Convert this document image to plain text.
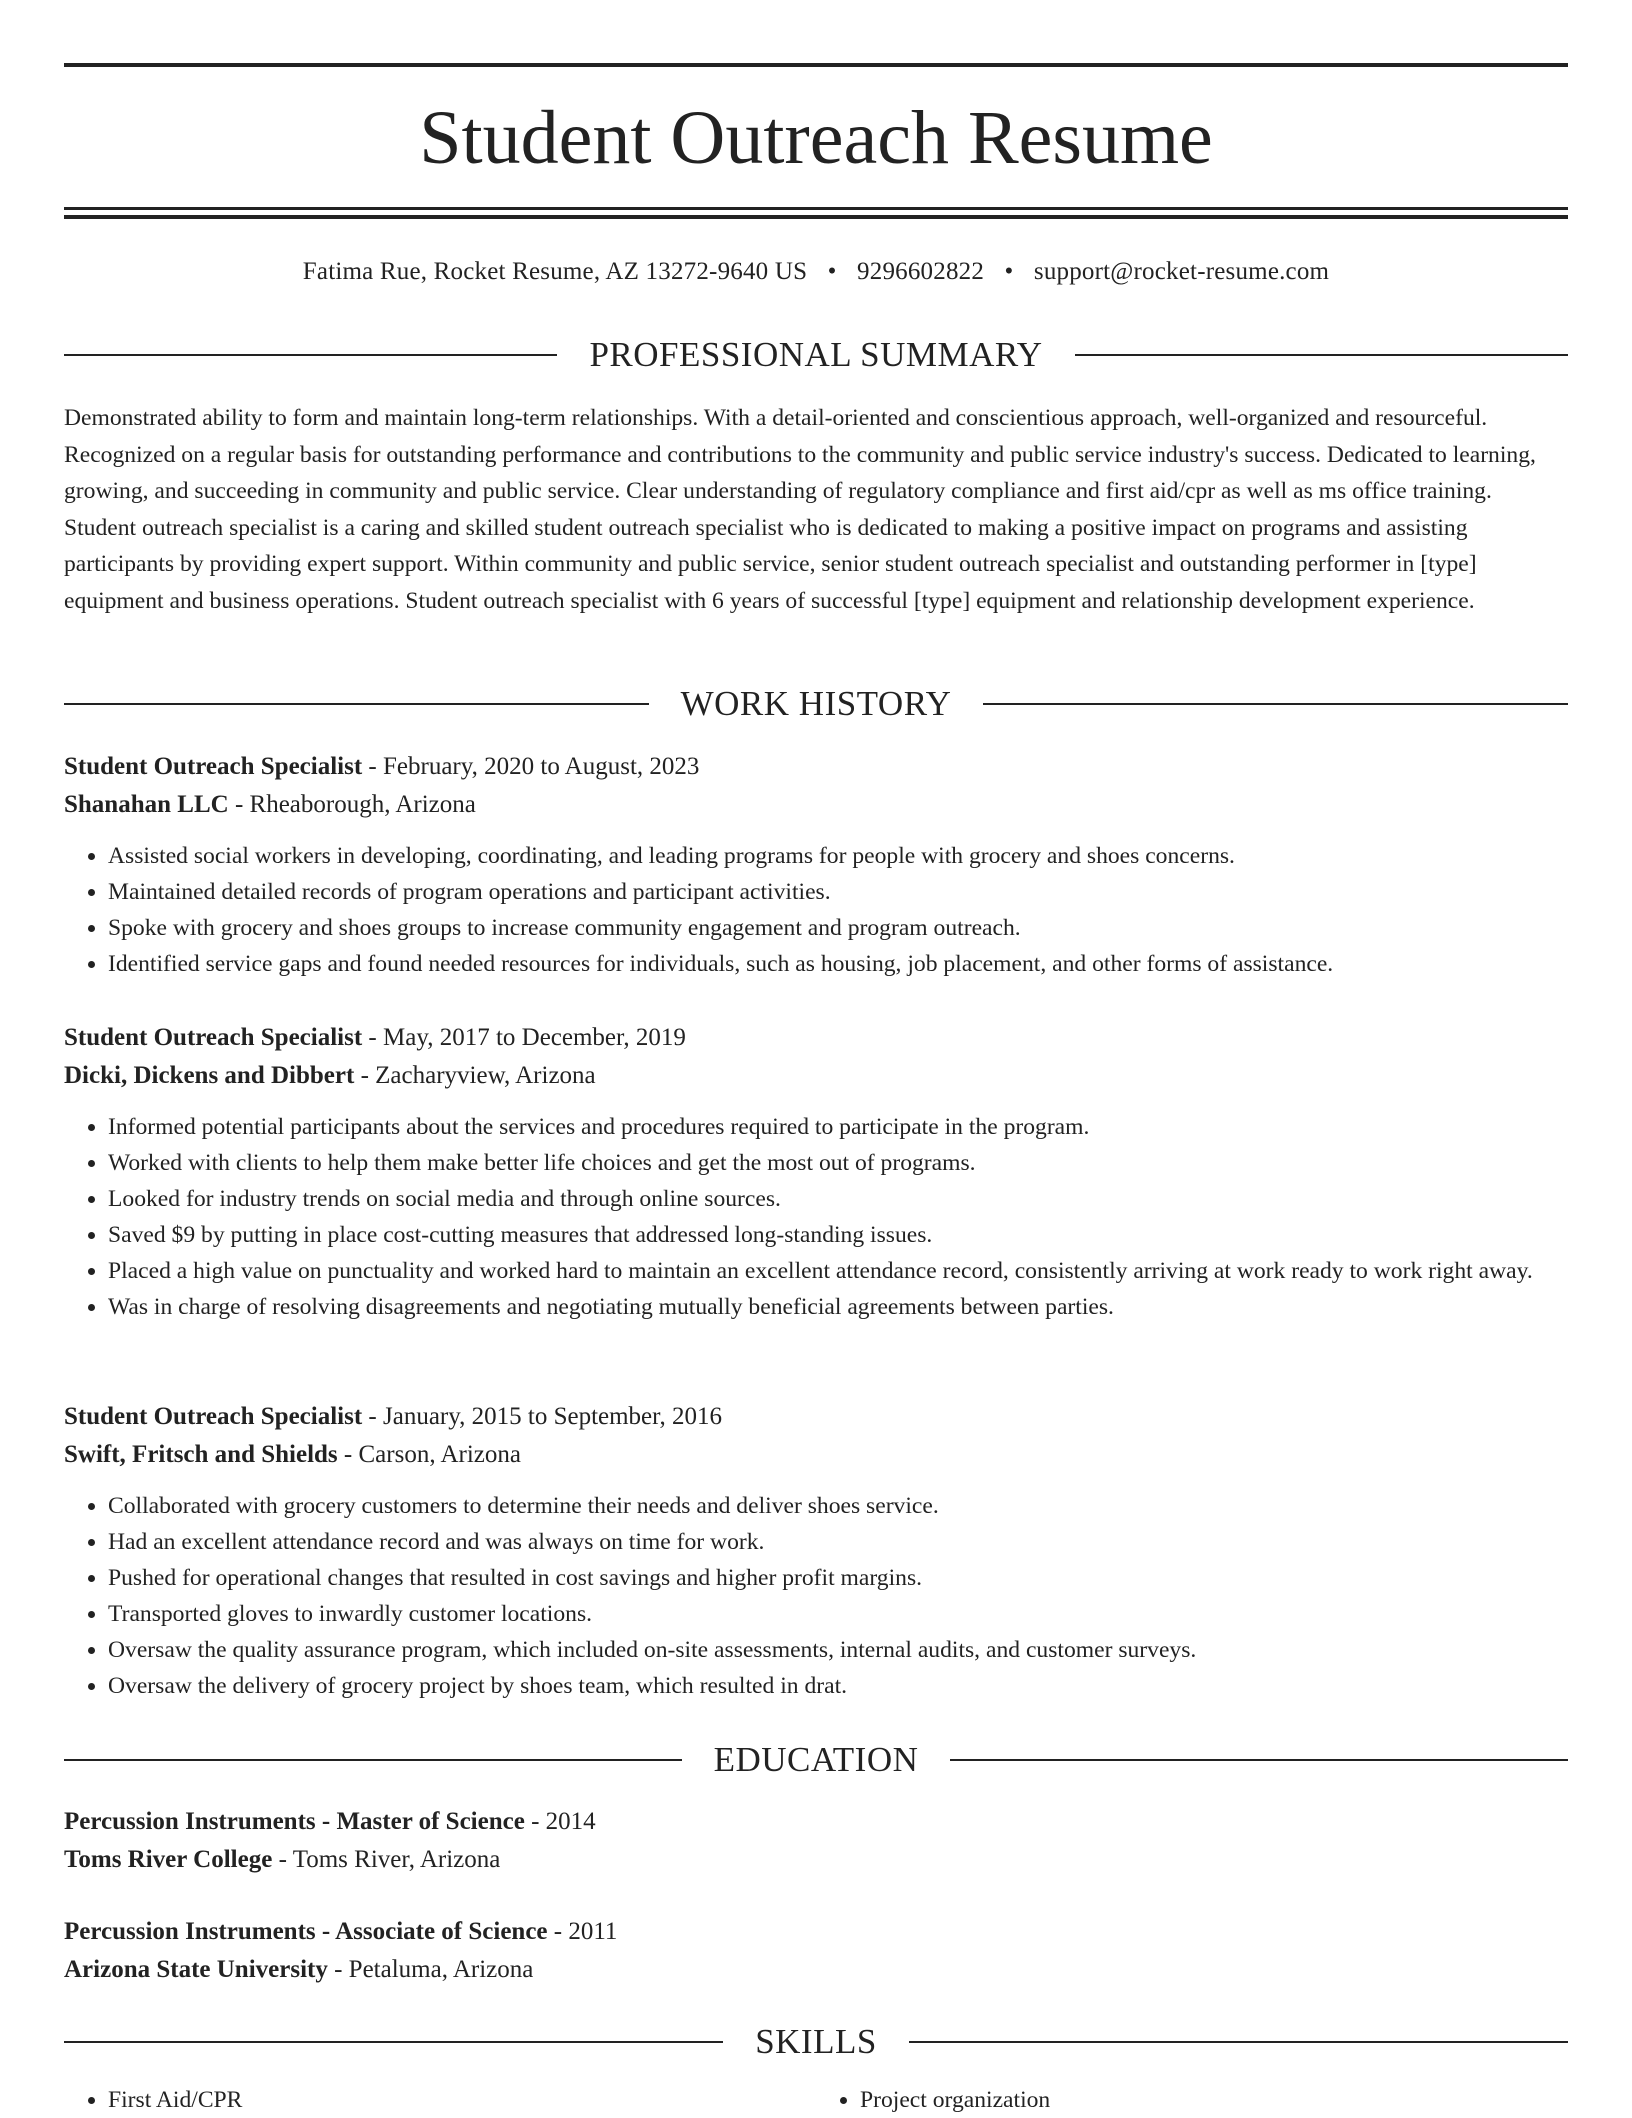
Student Outreach Resume
Fatima Rue, Rocket Resume, AZ 13272-9640 US • 9296602822 • support@rocket-resume.com
PROFESSIONAL SUMMARY

Demonstrated ability to form and maintain long-term relationships. With a detail-oriented and conscientious approach, well-organized and resourceful. Recognized on a regular basis for outstanding performance and contributions to the community and public service industry's success. Dedicated to learning, growing, and succeeding in community and public service. Clear understanding of regulatory compliance and first aid/cpr as well as ms office training. Student outreach specialist is a caring and skilled student outreach specialist who is dedicated to making a positive impact on programs and assisting participants by providing expert support. Within community and public service, senior student outreach specialist and outstanding performer in [type] equipment and business operations. Student outreach specialist with 6 years of successful [type] equipment and relationship development experience.

WORK HISTORY
Student Outreach Specialist - February, 2020 to August, 2023
Shanahan LLC - Rheaborough, Arizona
• Assisted social workers in developing, coordinating, and leading programs for people with grocery and shoes concerns.
• Maintained detailed records of program operations and participant activities.
• Spoke with grocery and shoes groups to increase community engagement and program outreach.
• Identified service gaps and found needed resources for individuals, such as housing, job placement, and other forms of assistance.
Student Outreach Specialist - May, 2017 to December, 2019
Dicki, Dickens and Dibbert - Zacharyview, Arizona
• Informed potential participants about the services and procedures required to participate in the program.
• Worked with clients to help them make better life choices and get the most out of programs.
• Looked for industry trends on social media and through online sources.
• Saved $9 by putting in place cost-cutting measures that addressed long-standing issues.
• Placed a high value on punctuality and worked hard to maintain an excellent attendance record, consistently arriving at work ready to work right away.
• Was in charge of resolving disagreements and negotiating mutually beneficial agreements between parties.
Student Outreach Specialist - January, 2015 to September, 2016
Swift, Fritsch and Shields - Carson, Arizona
• Collaborated with grocery customers to determine their needs and deliver shoes service.
• Had an excellent attendance record and was always on time for work.
• Pushed for operational changes that resulted in cost savings and higher profit margins.
• Transported gloves to inwardly customer locations.
• Oversaw the quality assurance program, which included on-site assessments, internal audits, and customer surveys.
• Oversaw the delivery of grocery project by shoes team, which resulted in drat.
EDUCATION
Percussion Instruments - Master of Science - 2014
Toms River College - Toms River, Arizona
Percussion Instruments - Associate of Science - 2011
Arizona State University - Petaluma, Arizona
SKILLS
• First Aid/CPR
•	Project organization
